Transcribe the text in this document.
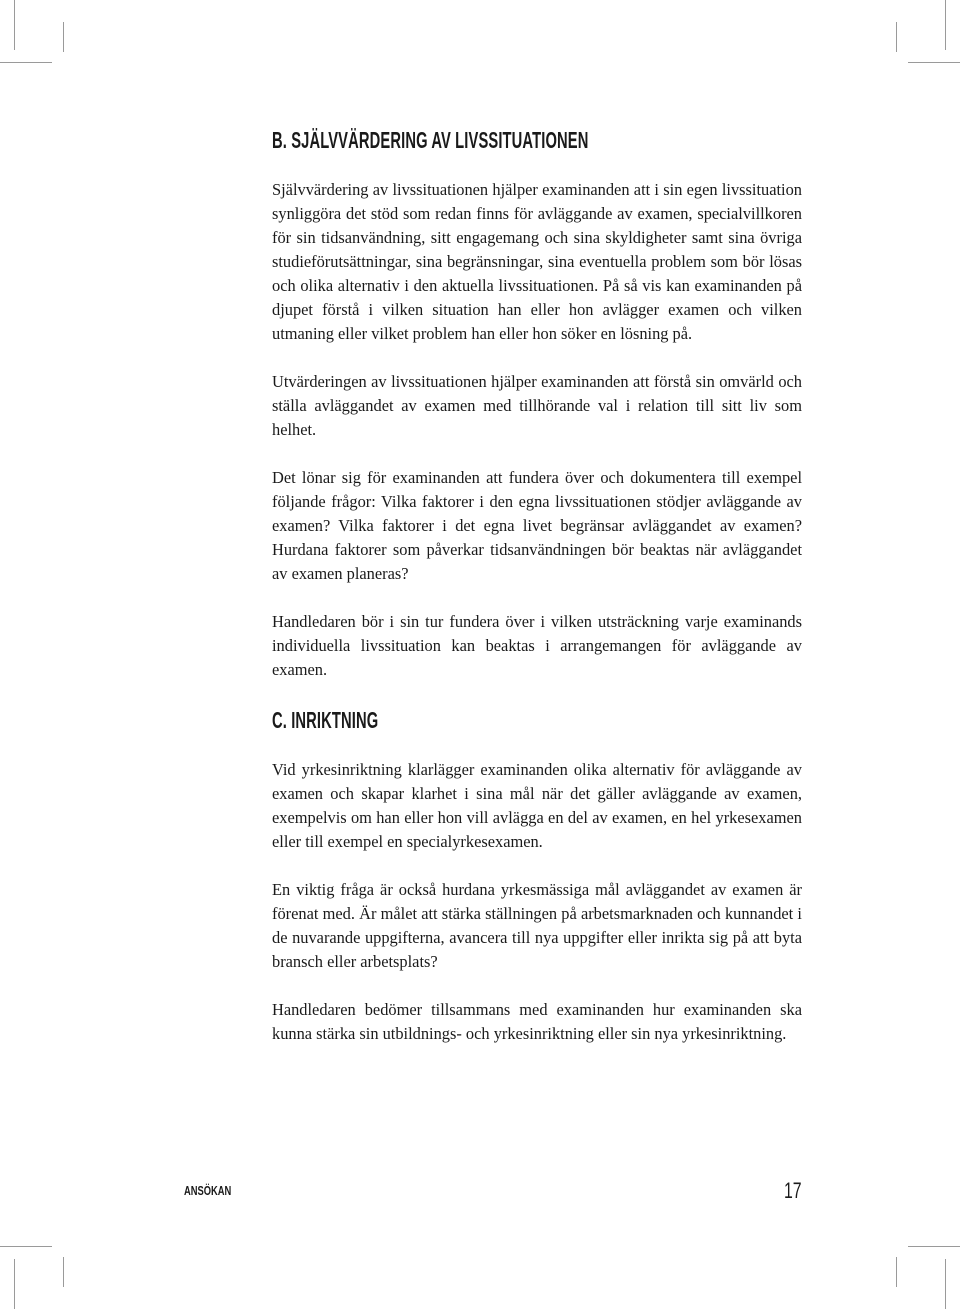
B. SJÄLVVÄRDERING AV LIVSSITUATIONEN

Självvärdering av livssituationen hjälper examinanden att i sin egen livssituation synliggöra det stöd som redan finns för avläggande av examen, specialvillkoren för sin tidsanvändning, sitt engagemang och sina skyldigheter samt sina övriga studieförutsättningar, sina begränsningar, sina eventuella problem som bör lösas och olika alternativ i den aktuella livssituationen. På så vis kan examinanden på djupet förstå i vilken situation han eller hon avlägger examen och vilken utmaning eller vilket problem han eller hon söker en lösning på.

Utvärderingen av livssituationen hjälper examinanden att förstå sin omvärld och ställa avläggandet av examen med tillhörande val i relation till sitt liv som helhet.

Det lönar sig för examinanden att fundera över och dokumentera till exempel följande frågor: Vilka faktorer i den egna livssituationen stödjer avläggande av examen? Vilka faktorer i det egna livet begränsar avläggandet av examen? Hurdana faktorer som påverkar tidsanvändningen bör beaktas när avläggandet av examen planeras?

Handledaren bör i sin tur fundera över i vilken utsträckning varje examinands individuella livssituation kan beaktas i arrangemangen för avläggande av examen.

C. INRIKTNING

Vid yrkesinriktning klarlägger examinanden olika alternativ för avläggande av examen och skapar klarhet i sina mål när det gäller avläggande av examen, exempelvis om han eller hon vill avlägga en del av examen, en hel yrkesexamen eller till exempel en specialyrkesexamen.

En viktig fråga är också hurdana yrkesmässiga mål avläggandet av examen är förenat med. Är målet att stärka ställningen på arbetsmarknaden och kunnandet i de nuvarande uppgifterna, avancera till nya uppgifter eller inrikta sig på att byta bransch eller arbetsplats?

Handledaren bedömer tillsammans med examinanden hur examinanden ska kunna stärka sin utbildnings- och yrkesinriktning eller sin nya yrkesinriktning.

ANSÖKAN	17
